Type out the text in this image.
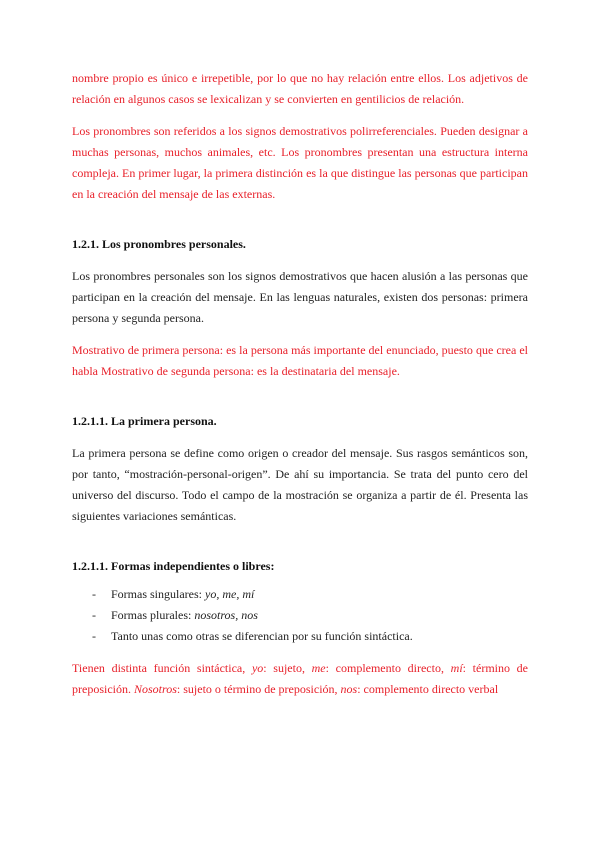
nombre propio es único e irrepetible, por lo que no hay relación entre ellos. Los adjetivos de relación en algunos casos se lexicalizan y se convierten en gentilicios de relación.

Los pronombres son referidos a los signos demostrativos polirreferenciales. Pueden designar a muchas personas, muchos animales, etc. Los pronombres presentan una estructura interna compleja. En primer lugar, la primera distinción es la que distingue las personas que participan en la creación del mensaje de las externas.

1.2.1. Los pronombres personales.

Los pronombres personales son los signos demostrativos que hacen alusión a las personas que participan en la creación del mensaje. En las lenguas naturales, existen dos personas: primera persona y segunda persona.

Mostrativo de primera persona: es la persona más importante del enunciado, puesto que crea el habla Mostrativo de segunda persona: es la destinataria del mensaje.

1.2.1.1. La primera persona.

La primera persona se define como origen o creador del mensaje. Sus rasgos semánticos son, por tanto, “mostración-personal-origen”. De ahí su importancia. Se trata del punto cero del universo del discurso. Todo el campo de la mostración se organiza a partir de él. Presenta las siguientes variaciones semánticas.

1.2.1.1. Formas independientes o libres:
- Formas singulares: yo, me, mí
- Formas plurales: nosotros, nos
- Tanto unas como otras se diferencian por su función sintáctica.

Tienen distinta función sintáctica, yo: sujeto, me: complemento directo, mí: término de preposición. Nosotros: sujeto o término de preposición, nos: complemento directo verbal
